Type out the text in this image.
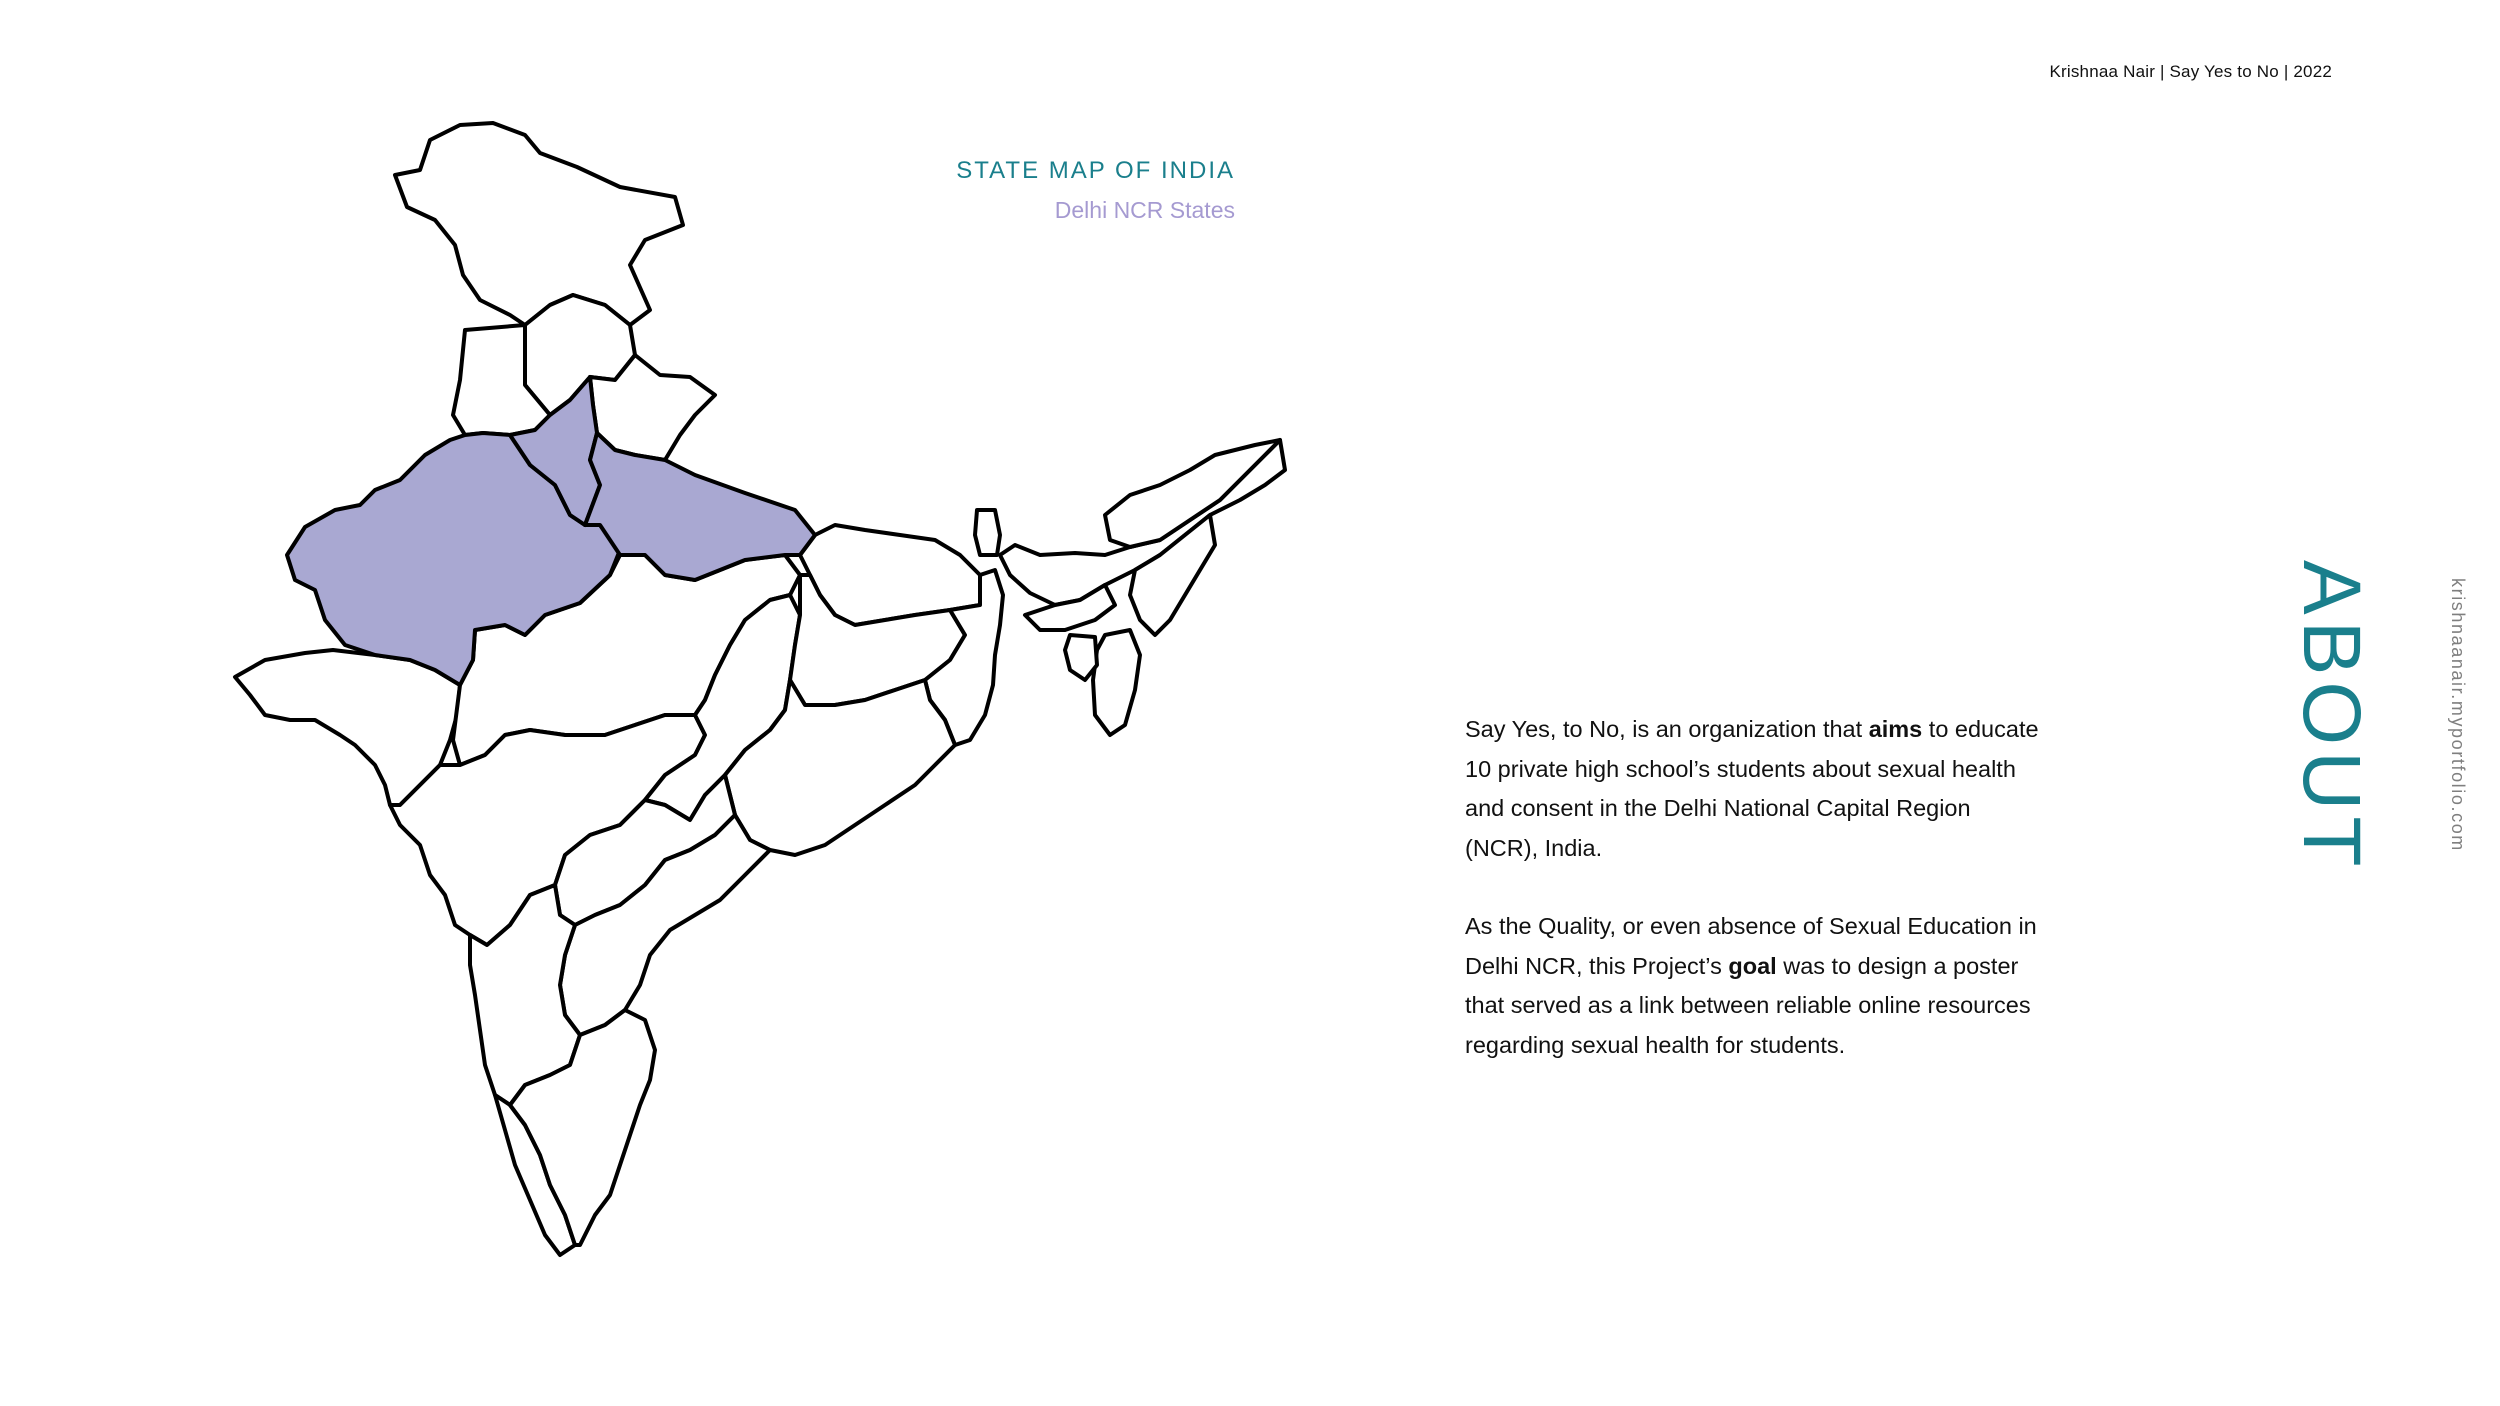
Krishnaa Nair | Say Yes to No | 2022
STATE MAP OF INDIA
Delhi NCR States

Say Yes, to No, is an organization that aims to educate 10 private high school’s students about sexual health and consent in the Delhi National Capital Region (NCR), India.

As the Quality, or even absence of Sexual Education in Delhi NCR, this Project’s goal was to design a poster that served as a link between reliable online resources regarding sexual health for students.

ABOUT	krishnaanair.myportfolio.com
